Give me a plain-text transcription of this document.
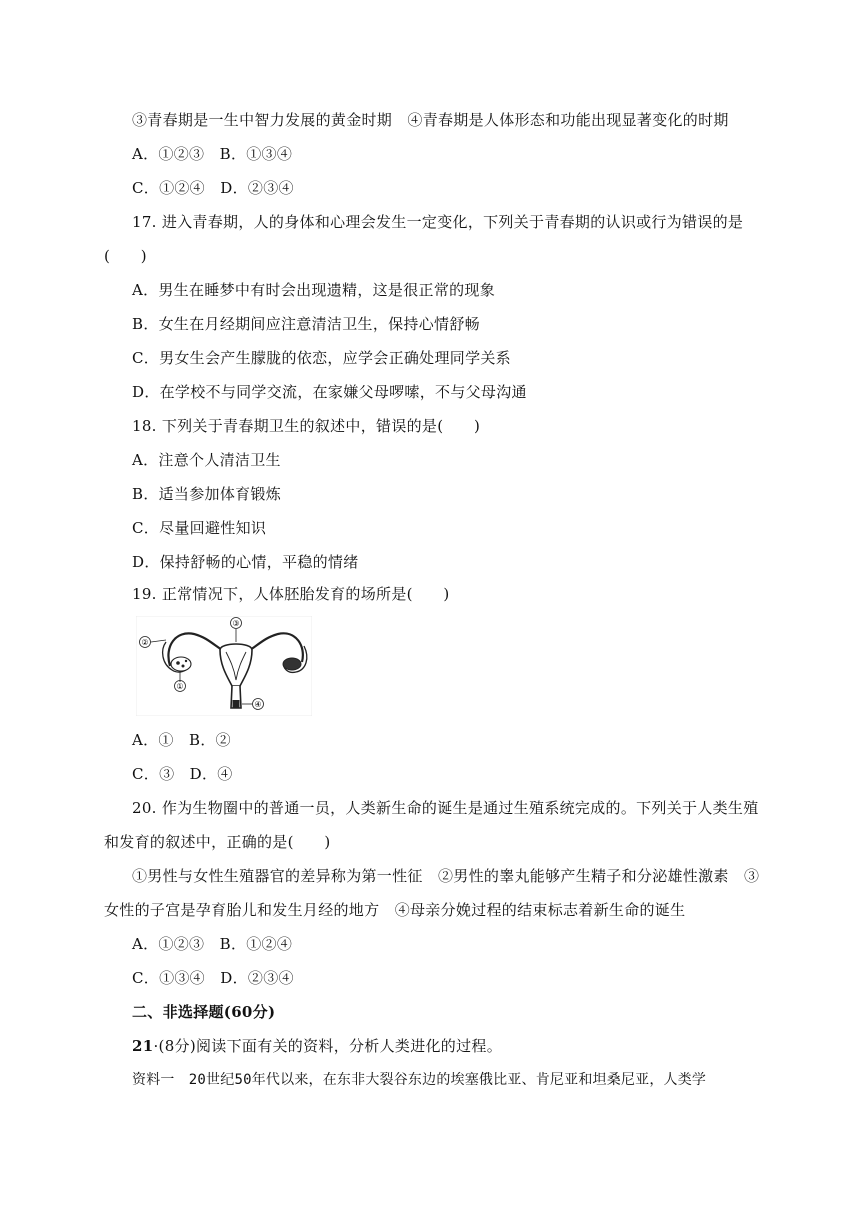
③青春期是一生中智力发展的黄金时期　④青春期是人体形态和功能出现显著变化的时期
A．①②③　B．①③④
C．①②④　D．②③④
17. 进入青春期，人的身体和心理会发生一定变化，下列关于青春期的认识或行为错误的是
(　　)
A．男生在睡梦中有时会出现遗精，这是很正常的现象
B．女生在月经期间应注意清洁卫生，保持心情舒畅
C．男女生会产生朦胧的依恋，应学会正确处理同学关系
D．在学校不与同学交流，在家嫌父母啰嗦，不与父母沟通
18. 下列关于青春期卫生的叙述中，错误的是(　　)
A．注意个人清洁卫生
B．适当参加体育锻炼
C．尽量回避性知识
D．保持舒畅的心情，平稳的情绪
19. 正常情况下，人体胚胎发育的场所是(　　)
②
③
①
④
A．①　B．②
C．③　D．④
20. 作为生物圈中的普通一员，人类新生命的诞生是通过生殖系统完成的。下列关于人类生殖
和发育的叙述中，正确的是(　　)
①男性与女性生殖器官的差异称为第一性征　②男性的睾丸能够产生精子和分泌雄性激素　③
女性的子宫是孕育胎儿和发生月经的地方　④母亲分娩过程的结束标志着新生命的诞生
A．①②③　B．①②④
C．①③④　D．②③④
二、非选择题(60分)
21·(8分)阅读下面有关的资料，分析人类进化的过程。
资料一　20世纪50年代以来，在东非大裂谷东边的埃塞俄比亚、肯尼亚和坦桑尼亚，人类学
